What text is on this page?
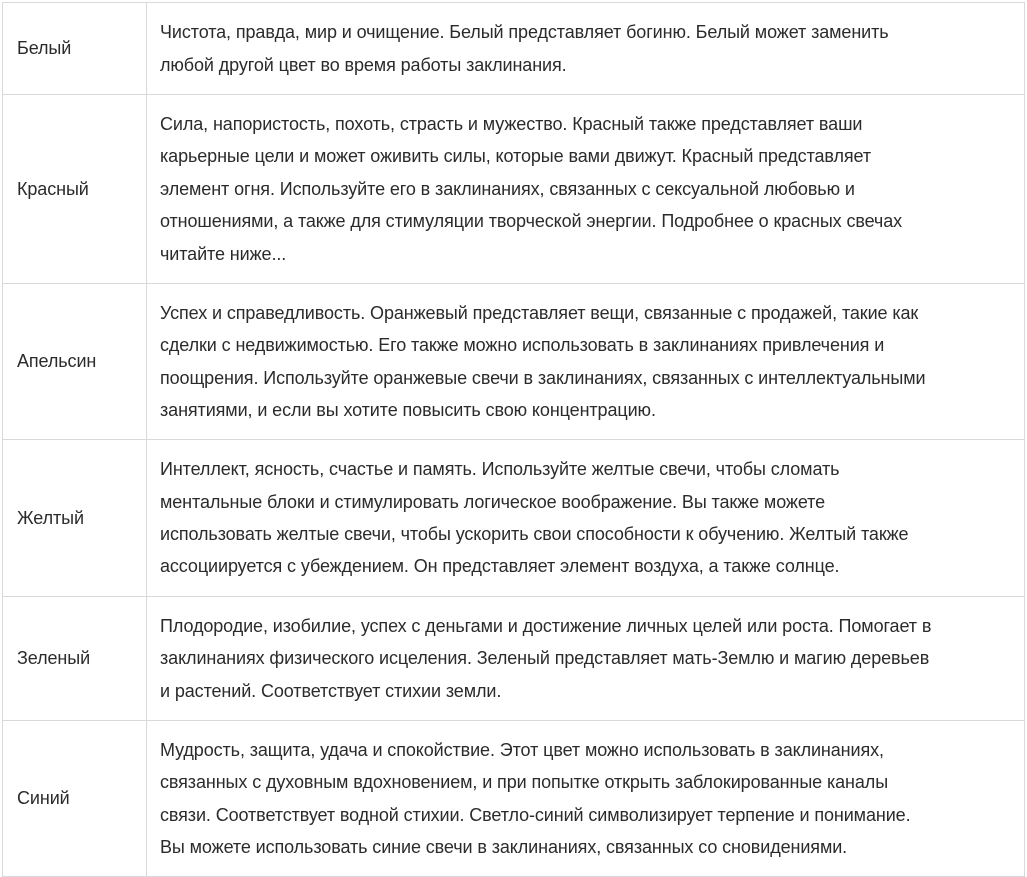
Белый	Чистота, правда, мир и очищение. Белый представляет богиню. Белый может заменить
любой другой цвет во время работы заклинания.

Красный	Сила, напористость, похоть, страсть и мужество. Красный также представляет ваши
карьерные цели и может оживить силы, которые вами движут. Красный представляет
элемент огня. Используйте его в заклинаниях, связанных с сексуальной любовью и
отношениями, а также для стимуляции творческой энергии. Подробнее о красных свечах
читайте ниже...

Апельсин	Успех и справедливость. Оранжевый представляет вещи, связанные с продажей, такие как
сделки с недвижимостью. Его также можно использовать в заклинаниях привлечения и
поощрения. Используйте оранжевые свечи в заклинаниях, связанных с интеллектуальными
занятиями, и если вы хотите повысить свою концентрацию.

Желтый	Интеллект, ясность, счастье и память. Используйте желтые свечи, чтобы сломать
ментальные блоки и стимулировать логическое воображение. Вы также можете
использовать желтые свечи, чтобы ускорить свои способности к обучению. Желтый также
ассоциируется с убеждением. Он представляет элемент воздуха, а также солнце.

Зеленый	Плодородие, изобилие, успех с деньгами и достижение личных целей или роста. Помогает в
заклинаниях физического исцеления. Зеленый представляет мать-Землю и магию деревьев
и растений. Соответствует стихии земли.

Синий	Мудрость, защита, удача и спокойствие. Этот цвет можно использовать в заклинаниях,
связанных с духовным вдохновением, и при попытке открыть заблокированные каналы
связи. Соответствует водной стихии. Светло-синий символизирует терпение и понимание.
Вы можете использовать синие свечи в заклинаниях, связанных со сновидениями.
